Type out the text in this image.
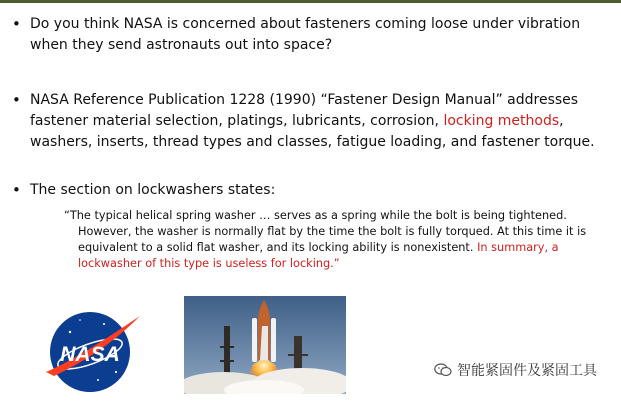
• Do you think NASA is concerned about fasteners coming loose under vibration
when they send astronauts out into space?
• NASA Reference Publication 1228 (1990) “Fastener Design Manual” addresses
fastener material selection, platings, lubricants, corrosion, locking methods,
washers, inserts, thread types and classes, fatigue loading, and fastener torque.
• The section on lockwashers states:
“The typical helical spring washer … serves as a spring while the bolt is being tightened.
However, the washer is normally flat by the time the bolt is fully torqued. At this time it is
equivalent to a solid flat washer, and its locking ability is nonexistent. In summary, a
lockwasher of this type is useless for locking.”
NASA
智能紧固件及紧固工具
